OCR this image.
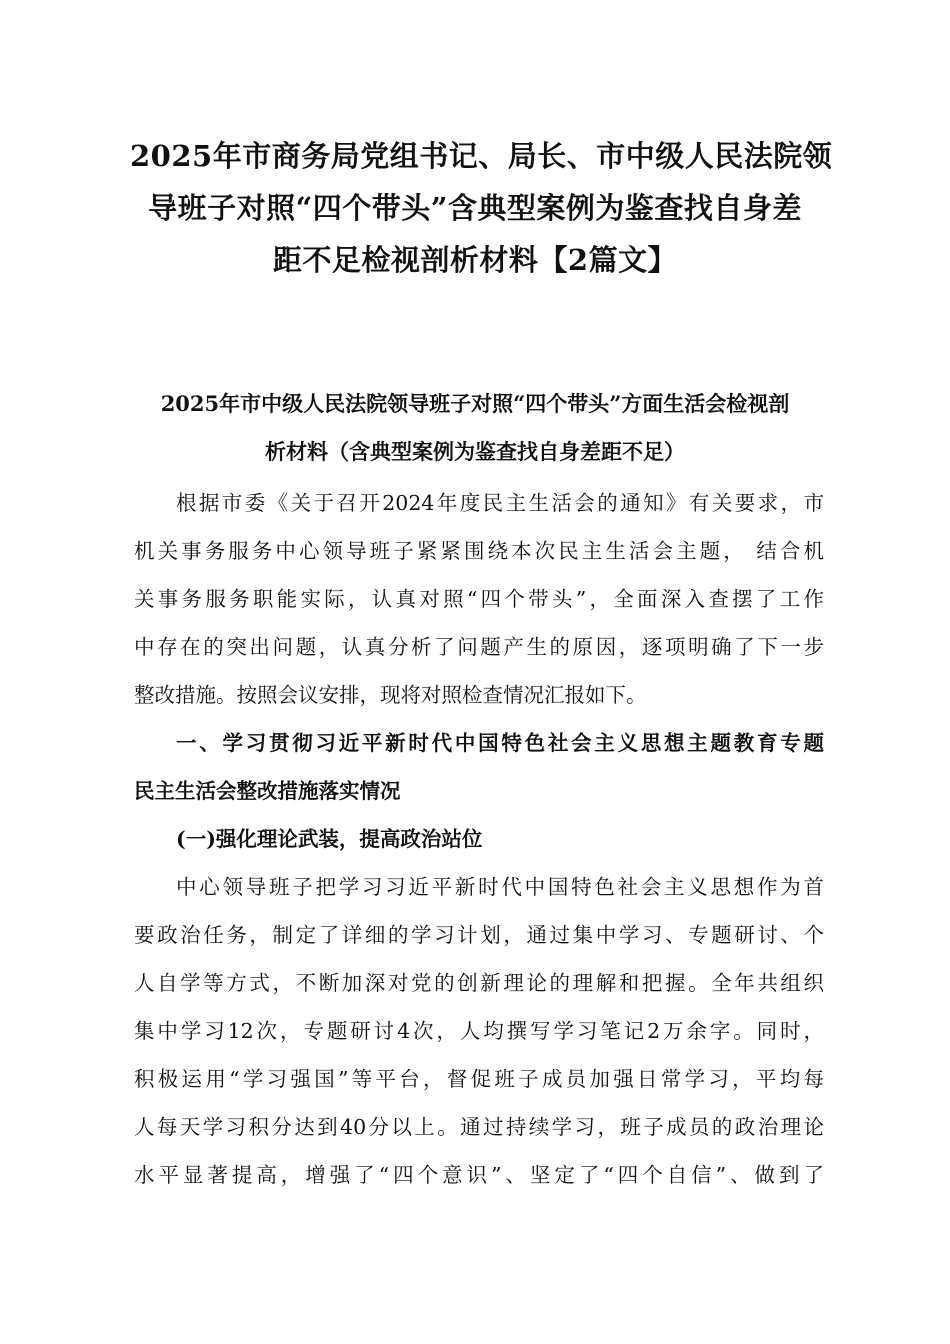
2025年市商务局党组书记、局长、市中级人民法院领
导班子对照“四个带头”含典型案例为鉴查找自身差
距不足检视剖析材料【2篇文】
2025年市中级人民法院领导班子对照“四个带头”方面生活会检视剖
析材料（含典型案例为鉴查找自身差距不足）
根据市委《关于召开2024年度民主生活会的通知》有关要求，市
机关事务服务中心领导班子紧紧围绕本次民主生活会主题， 结合机
关事务服务职能实际，认真对照“四个带头”，全面深入查摆了工作
中存在的突出问题，认真分析了问题产生的原因，逐项明确了下一步
整改措施。按照会议安排，现将对照检查情况汇报如下。
一、学习贯彻习近平新时代中国特色社会主义思想主题教育专题
民主生活会整改措施落实情况
(一)强化理论武装，提高政治站位
中心领导班子把学习习近平新时代中国特色社会主义思想作为首
要政治任务，制定了详细的学习计划，通过集中学习、专题研讨、个
人自学等方式，不断加深对党的创新理论的理解和把握。全年共组织
集中学习12次，专题研讨4次，人均撰写学习笔记2万余字。同时，
积极运用“学习强国”等平台，督促班子成员加强日常学习，平均每
人每天学习积分达到40分以上。通过持续学习，班子成员的政治理论
水平显著提高，增强了“四个意识”、坚定了“四个自信”、做到了
